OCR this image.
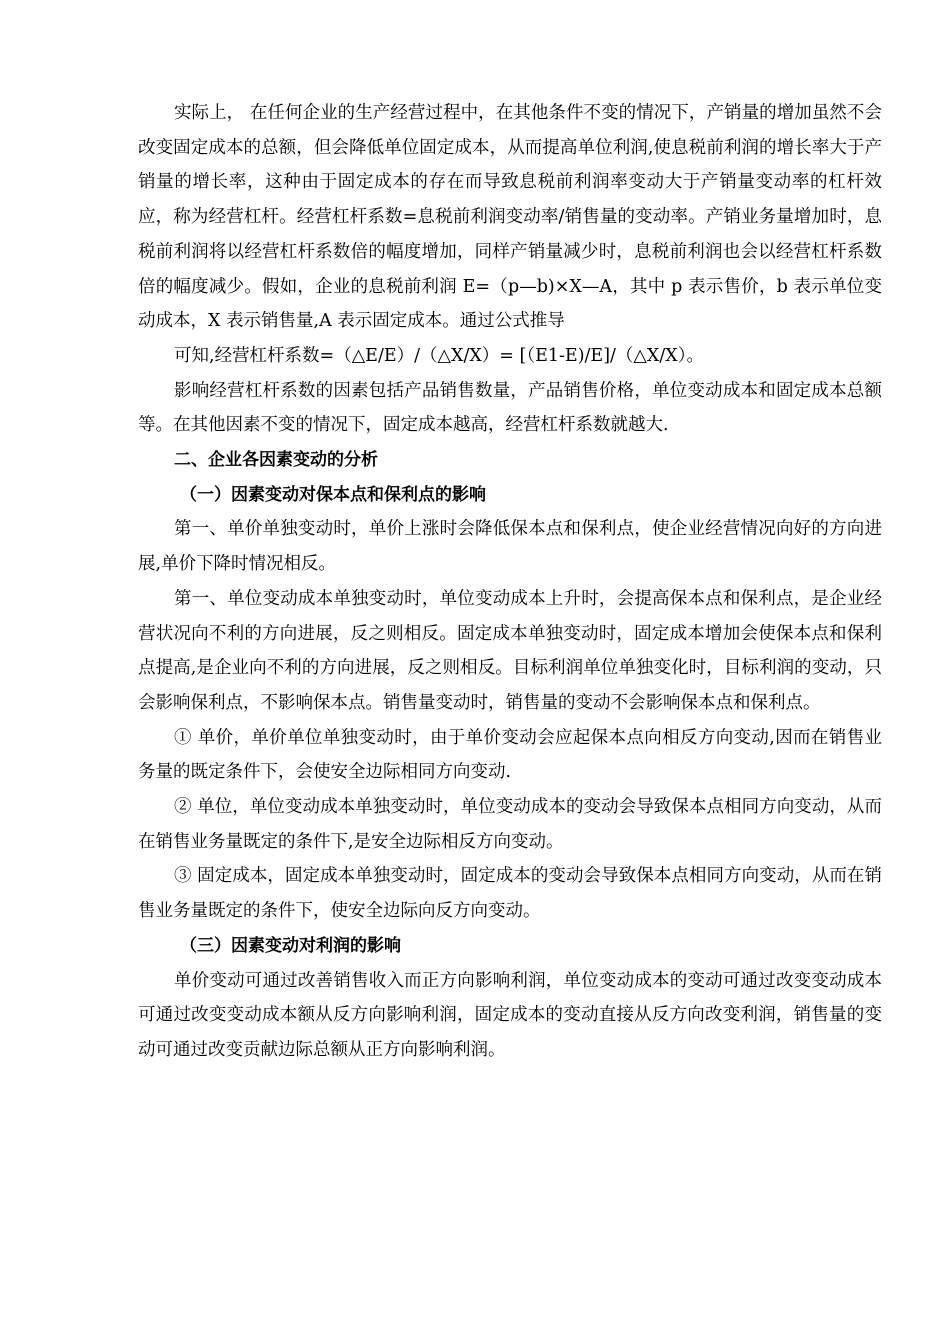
实际上， 在任何企业的生产经营过程中，在其他条件不变的情况下，产销量的增加虽然不会改变固定成本的总额，但会降低单位固定成本，从而提高单位利润,使息税前利润的增长率大于产销量的增长率，这种由于固定成本的存在而导致息税前利润率变动大于产销量变动率的杠杆效应，称为经营杠杆。经营杠杆系数=息税前利润变动率/销售量的变动率。产销业务量增加时，息税前利润将以经营杠杆系数倍的幅度增加，同样产销量减少时，息税前利润也会以经营杠杆系数倍的幅度减少。假如，企业的息税前利润 E=（p—b)×X—A，其中 p 表示售价，b 表示单位变动成本，X 表示销售量,A 表示固定成本。通过公式推导

可知,经营杠杆系数=（△E/E）/（△X/X）= [（E1-E)/E]/（△X/X）。

影响经营杠杆系数的因素包括产品销售数量，产品销售价格，单位变动成本和固定成本总额等。在其他因素不变的情况下，固定成本越高，经营杠杆系数就越大.

二、企业各因素变动的分析

（一）因素变动对保本点和保利点的影响

第一、单价单独变动时，单价上涨时会降低保本点和保利点，使企业经营情况向好的方向进展,单价下降时情况相反。

第一、单位变动成本单独变动时，单位变动成本上升时，会提高保本点和保利点，是企业经营状况向不利的方向进展，反之则相反。固定成本单独变动时，固定成本增加会使保本点和保利点提高,是企业向不利的方向进展，反之则相反。目标利润单位单独变化时，目标利润的变动，只会影响保利点，不影响保本点。销售量变动时，销售量的变动不会影响保本点和保利点。

① 单价，单价单位单独变动时，由于单价变动会应起保本点向相反方向变动,因而在销售业务量的既定条件下，会使安全边际相同方向变动.

② 单位，单位变动成本单独变动时，单位变动成本的变动会导致保本点相同方向变动，从而在销售业务量既定的条件下,是安全边际相反方向变动。

③ 固定成本，固定成本单独变动时，固定成本的变动会导致保本点相同方向变动，从而在销售业务量既定的条件下，使安全边际向反方向变动。

（三）因素变动对利润的影响

单价变动可通过改善销售收入而正方向影响利润，单位变动成本的变动可通过改变变动成本可通过改变变动成本额从反方向影响利润，固定成本的变动直接从反方向改变利润，销售量的变动可通过改变贡献边际总额从正方向影响利润。
